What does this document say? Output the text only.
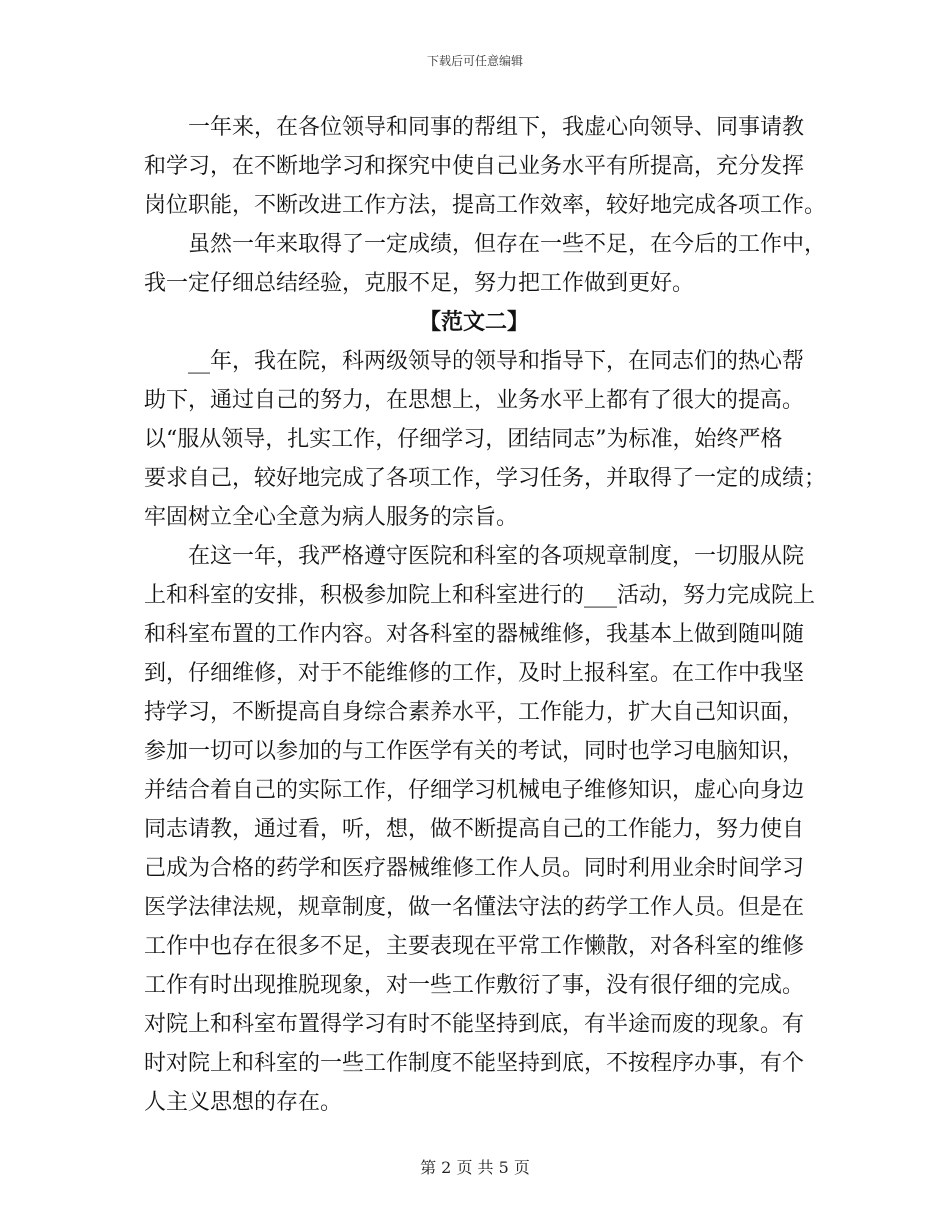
下载后可任意编辑
一年来，在各位领导和同事的帮组下，我虚心向领导、同事请教
和学习，在不断地学习和探究中使自己业务水平有所提高，充分发挥
岗位职能，不断改进工作方法，提高工作效率，较好地完成各项工作。
虽然一年来取得了一定成绩，但存在一些不足，在今后的工作中，
我一定仔细总结经验，克服不足，努力把工作做到更好。
【范文二】
__年，我在院，科两级领导的领导和指导下，在同志们的热心帮
助下，通过自己的努力，在思想上，业务水平上都有了很大的提高。
以“服从领导，扎实工作，仔细学习，团结同志”为标准，始终严格
要求自己，较好地完成了各项工作，学习任务，并取得了一定的成绩；
牢固树立全心全意为病人服务的宗旨。
在这一年，我严格遵守医院和科室的各项规章制度，一切服从院
上和科室的安排，积极参加院上和科室进行的___活动，努力完成院上
和科室布置的工作内容。对各科室的器械维修，我基本上做到随叫随
到，仔细维修，对于不能维修的工作，及时上报科室。在工作中我坚
持学习，不断提高自身综合素养水平，工作能力，扩大自己知识面，
参加一切可以参加的与工作医学有关的考试，同时也学习电脑知识，
并结合着自己的实际工作，仔细学习机械电子维修知识，虚心向身边
同志请教，通过看，听，想，做不断提高自己的工作能力，努力使自
己成为合格的药学和医疗器械维修工作人员。同时利用业余时间学习
医学法律法规，规章制度，做一名懂法守法的药学工作人员。但是在
工作中也存在很多不足，主要表现在平常工作懒散，对各科室的维修
工作有时出现推脱现象，对一些工作敷衍了事，没有很仔细的完成。
对院上和科室布置得学习有时不能坚持到底，有半途而废的现象。有
时对院上和科室的一些工作制度不能坚持到底，不按程序办事，有个
人主义思想的存在。
第 2 页 共 5 页
